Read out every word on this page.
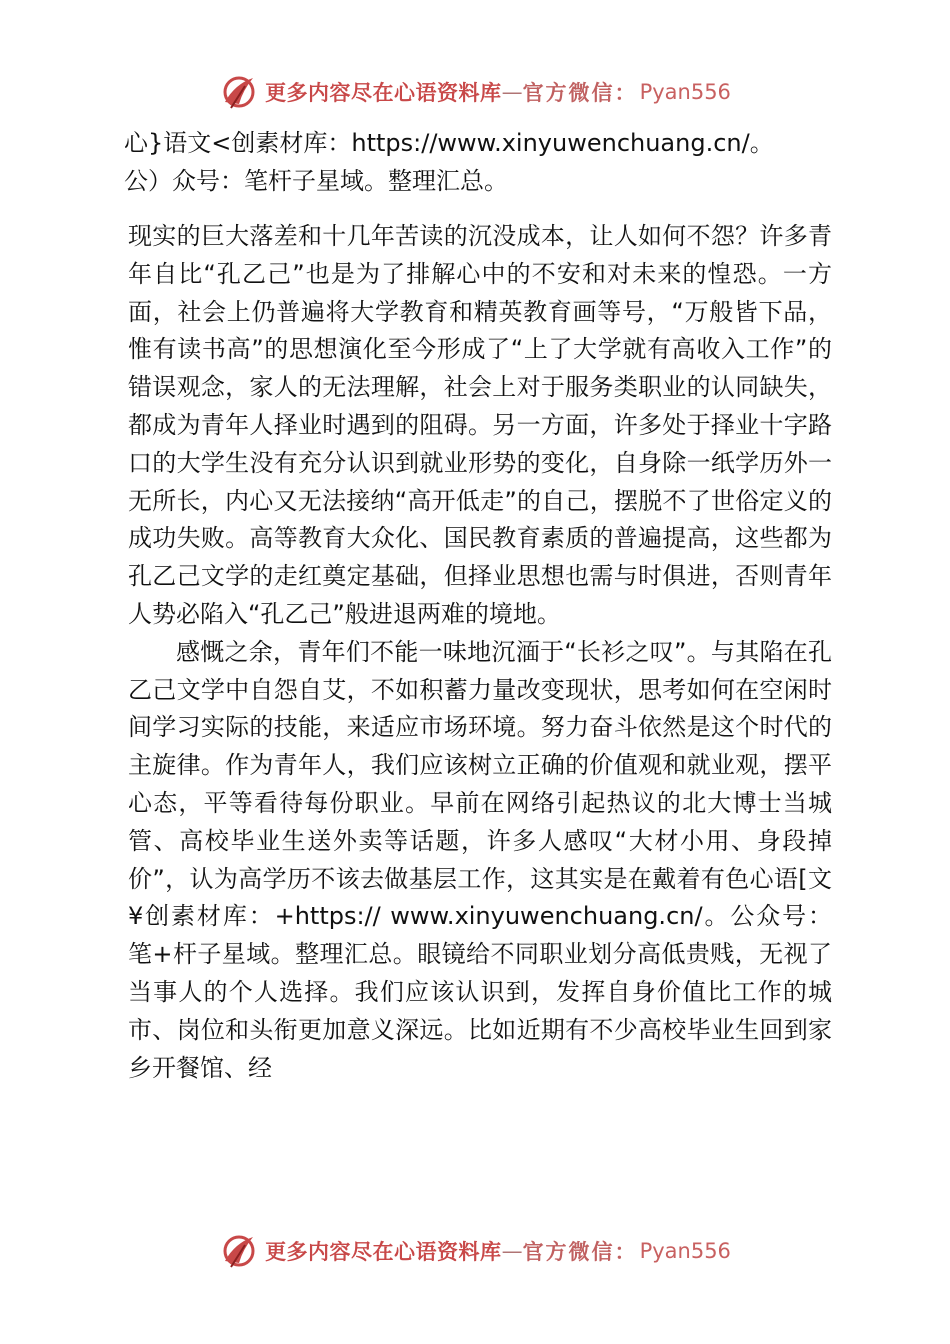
更多内容尽在心语资料库 — 官方微信： Pyan556
心}语文<创素材库：https://www.xinyuwenchuang.cn/。
公）众号：笔杆子星域。整理汇总。

现实的巨大落差和十几年苦读的沉没成本，让人如何不怨？许多青年自比“孔乙己”也是为了排解心中的不安和对未来的惶恐。一方面，社会上仍普遍将大学教育和精英教育画等号，“万般皆下品，惟有读书高”的思想演化至今形成了“上了大学就有高收入工作”的错误观念，家人的无法理解，社会上对于服务类职业的认同缺失，都成为青年人择业时遇到的阻碍。另一方面，许多处于择业十字路口的大学生没有充分认识到就业形势的变化，自身除一纸学历外一无所长，内心又无法接纳“高开低走”的自己，摆脱不了世俗定义的成功失败。高等教育大众化、国民教育素质的普遍提高，这些都为孔乙己文学的走红奠定基础，但择业思想也需与时俱进，否则青年人势必陷入“孔乙己”般进退两难的境地。

感慨之余，青年们不能一味地沉湎于“长衫之叹”。与其陷在孔乙己文学中自怨自艾，不如积蓄力量改变现状，思考如何在空闲时间学习实际的技能，来适应市场环境。努力奋斗依然是这个时代的主旋律。作为青年人，我们应该树立正确的价值观和就业观，摆平心态，平等看待每份职业。早前在网络引起热议的北大博士当城管、高校毕业生送外卖等话题，许多人感叹“大材小用、身段掉价”，认为高学历不该去做基层工作，这其实是在戴着有色心语[文¥创素材库：+https:// www.xinyuwenchuang.cn/。公众号：笔+杆子星域。整理汇总。眼镜给不同职业划分高低贵贱，无视了当事人的个人选择。我们应该认识到，发挥自身价值比工作的城市、岗位和头衔更加意义深远。比如近期有不少高校毕业生回到家乡开餐馆、经

更多内容尽在心语资料库 — 官方微信： Pyan556
